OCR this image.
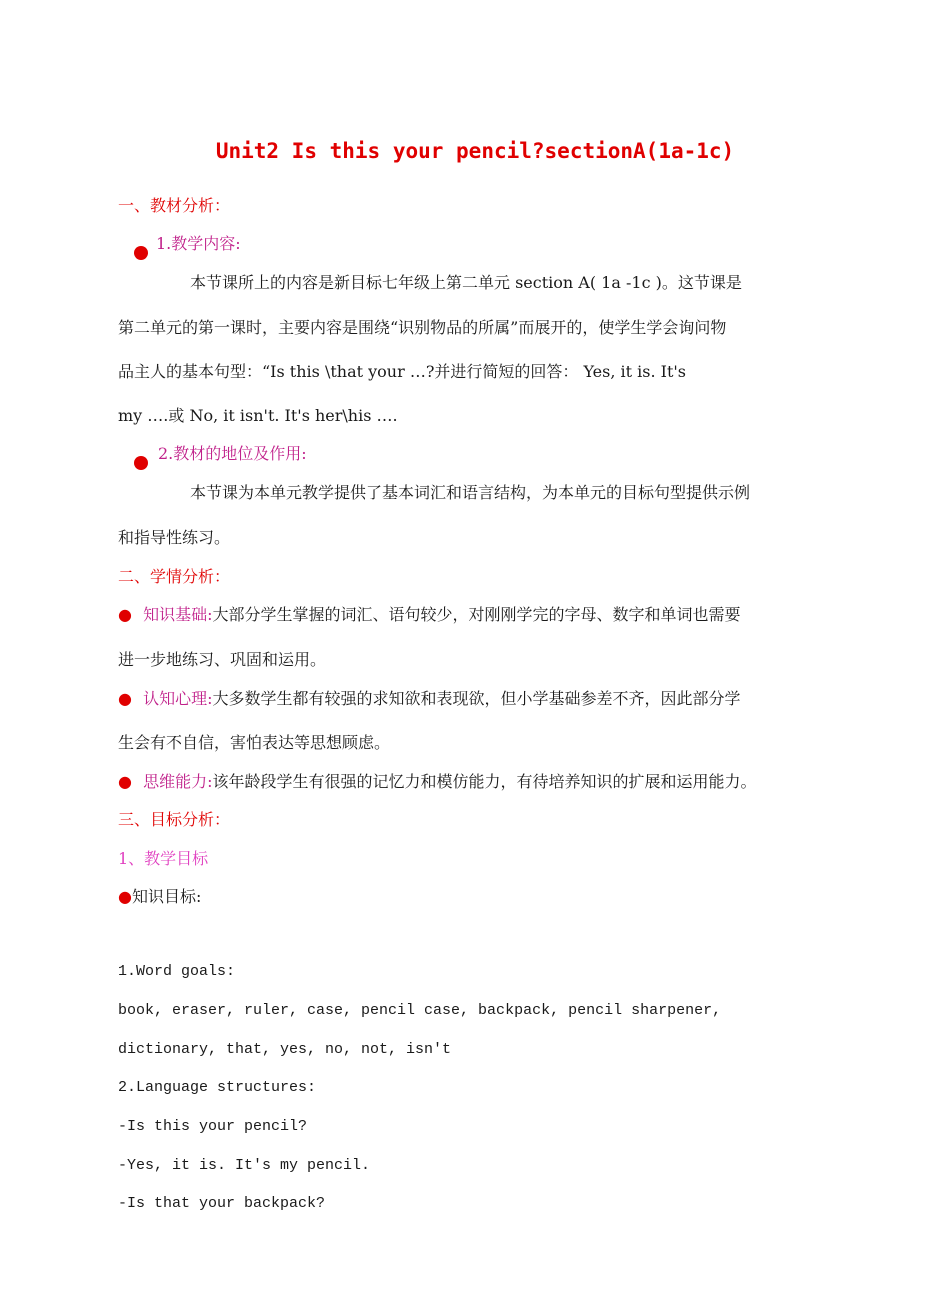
Unit2 Is this your pencil?sectionA(1a-1c)
一、教材分析：
1.教学内容:
本节课所上的内容是新目标七年级上第二单元 section A( 1a -1c )。这节课是
第二单元的第一课时，主要内容是围绕“识别物品的所属”而展开的，使学生学会询问物
品主人的基本句型：“Is this \that your …?并进行简短的回答： Yes, it is. It's
my ….或 No, it isn't. It's her\his ….
2.教材的地位及作用:
本节课为本单元教学提供了基本词汇和语言结构，为本单元的目标句型提供示例
和指导性练习。
二、学情分析：
● 知识基础:大部分学生掌握的词汇、语句较少，对刚刚学完的字母、数字和单词也需要
进一步地练习、巩固和运用。
● 认知心理:大多数学生都有较强的求知欲和表现欲，但小学基础参差不齐，因此部分学
生会有不自信，害怕表达等思想顾虑。
● 思维能力:该年龄段学生有很强的记忆力和模仿能力，有待培养知识的扩展和运用能力。
三、目标分析：
1、教学目标
●知识目标:
1.Word goals:
book, eraser, ruler, case, pencil case, backpack, pencil sharpener,
dictionary, that, yes, no, not, isn't
2.Language structures:
-Is this your pencil?
-Yes, it is. It's my pencil.
-Is that your backpack?
